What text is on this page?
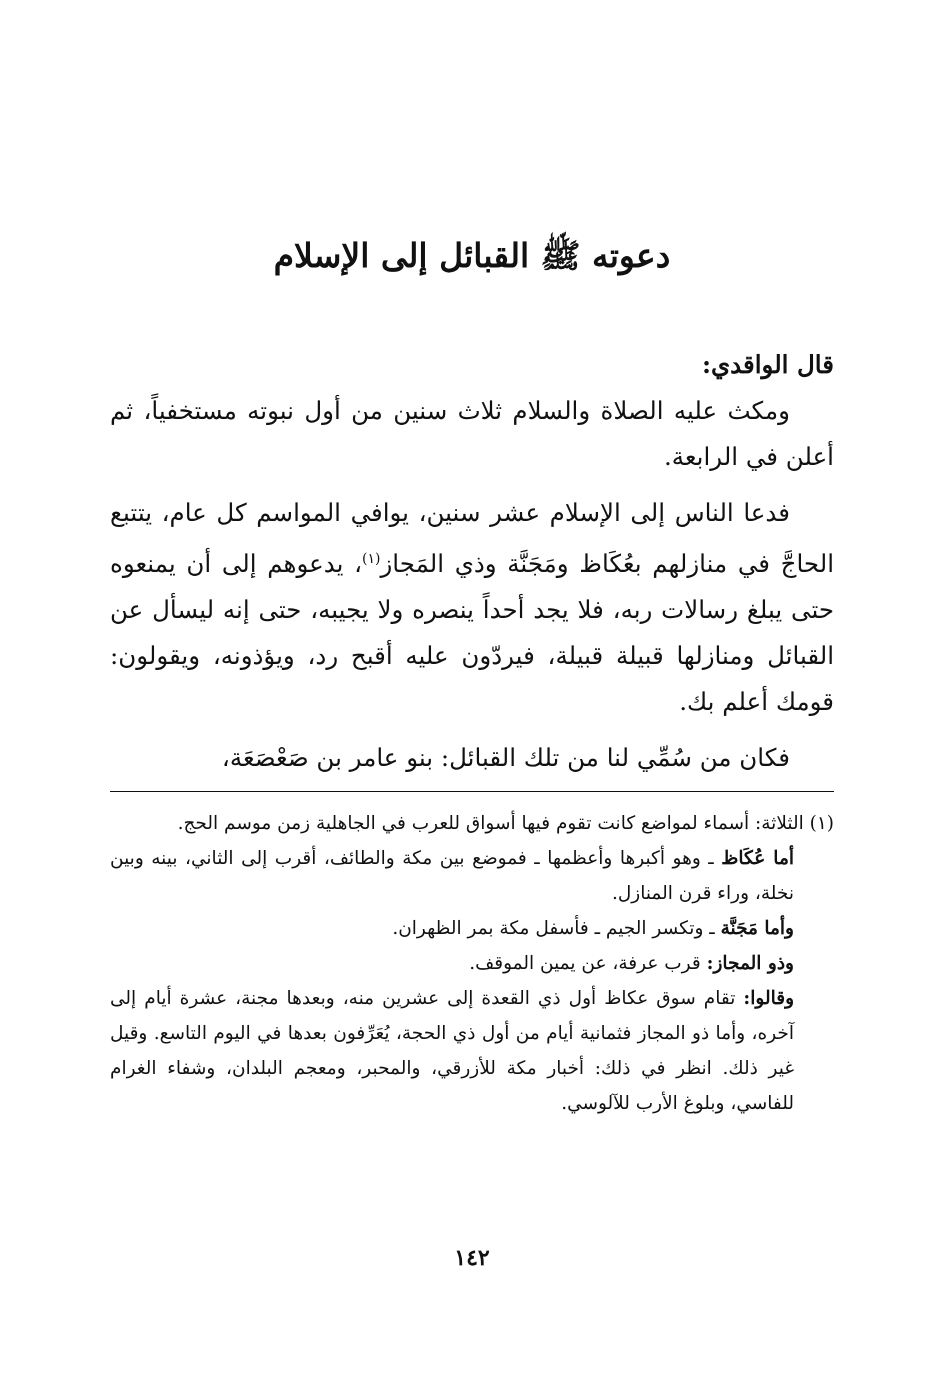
دعوته ﷺ القبائل إلى الإسلام

قال الواقدي:

ومكث عليه الصلاة والسلام ثلاث سنين من أول نبوته مستخفياً، ثم أعلن في الرابعة.

فدعا الناس إلى الإسلام عشر سنين، يوافي المواسم كل عام، يتتبع الحاجَّ في منازلهم بعُكَاظ ومَجَنَّة وذي المَجاز$^{(١)}$، يدعوهم إلى أن يمنعوه حتى يبلغ رسالات ربه، فلا يجد أحداً ينصره ولا يجيبه، حتى إنه ليسأل عن القبائل ومنازلها قبيلة قبيلة، فيردّون عليه أقبح رد، ويؤذونه، ويقولون: قومك أعلم بك.

فكان من سُمِّي لنا من تلك القبائل: بنو عامر بن صَعْصَعَة،

(١) الثلاثة: أسماء لمواضع كانت تقوم فيها أسواق للعرب في الجاهلية زمن موسم الحج.

أما عُكَاظ ـ وهو أكبرها وأعظمها ـ فموضع بين مكة والطائف، أقرب إلى الثاني، بينه وبين نخلة، وراء قرن المنازل.

وأما مَجَنَّة ـ وتكسر الجيم ـ فأسفل مكة بمر الظهران.

وذو المجاز: قرب عرفة، عن يمين الموقف.

وقالوا: تقام سوق عكاظ أول ذي القعدة إلى عشرين منه، وبعدها مجنة، عشرة أيام إلى آخره، وأما ذو المجاز فثمانية أيام من أول ذي الحجة، يُعَرِّفون بعدها في اليوم التاسع. وقيل غير ذلك. انظر في ذلك: أخبار مكة للأزرقي، والمحبر، ومعجم البلدان، وشفاء الغرام للفاسي، وبلوغ الأرب للآلوسي.

١٤٢
